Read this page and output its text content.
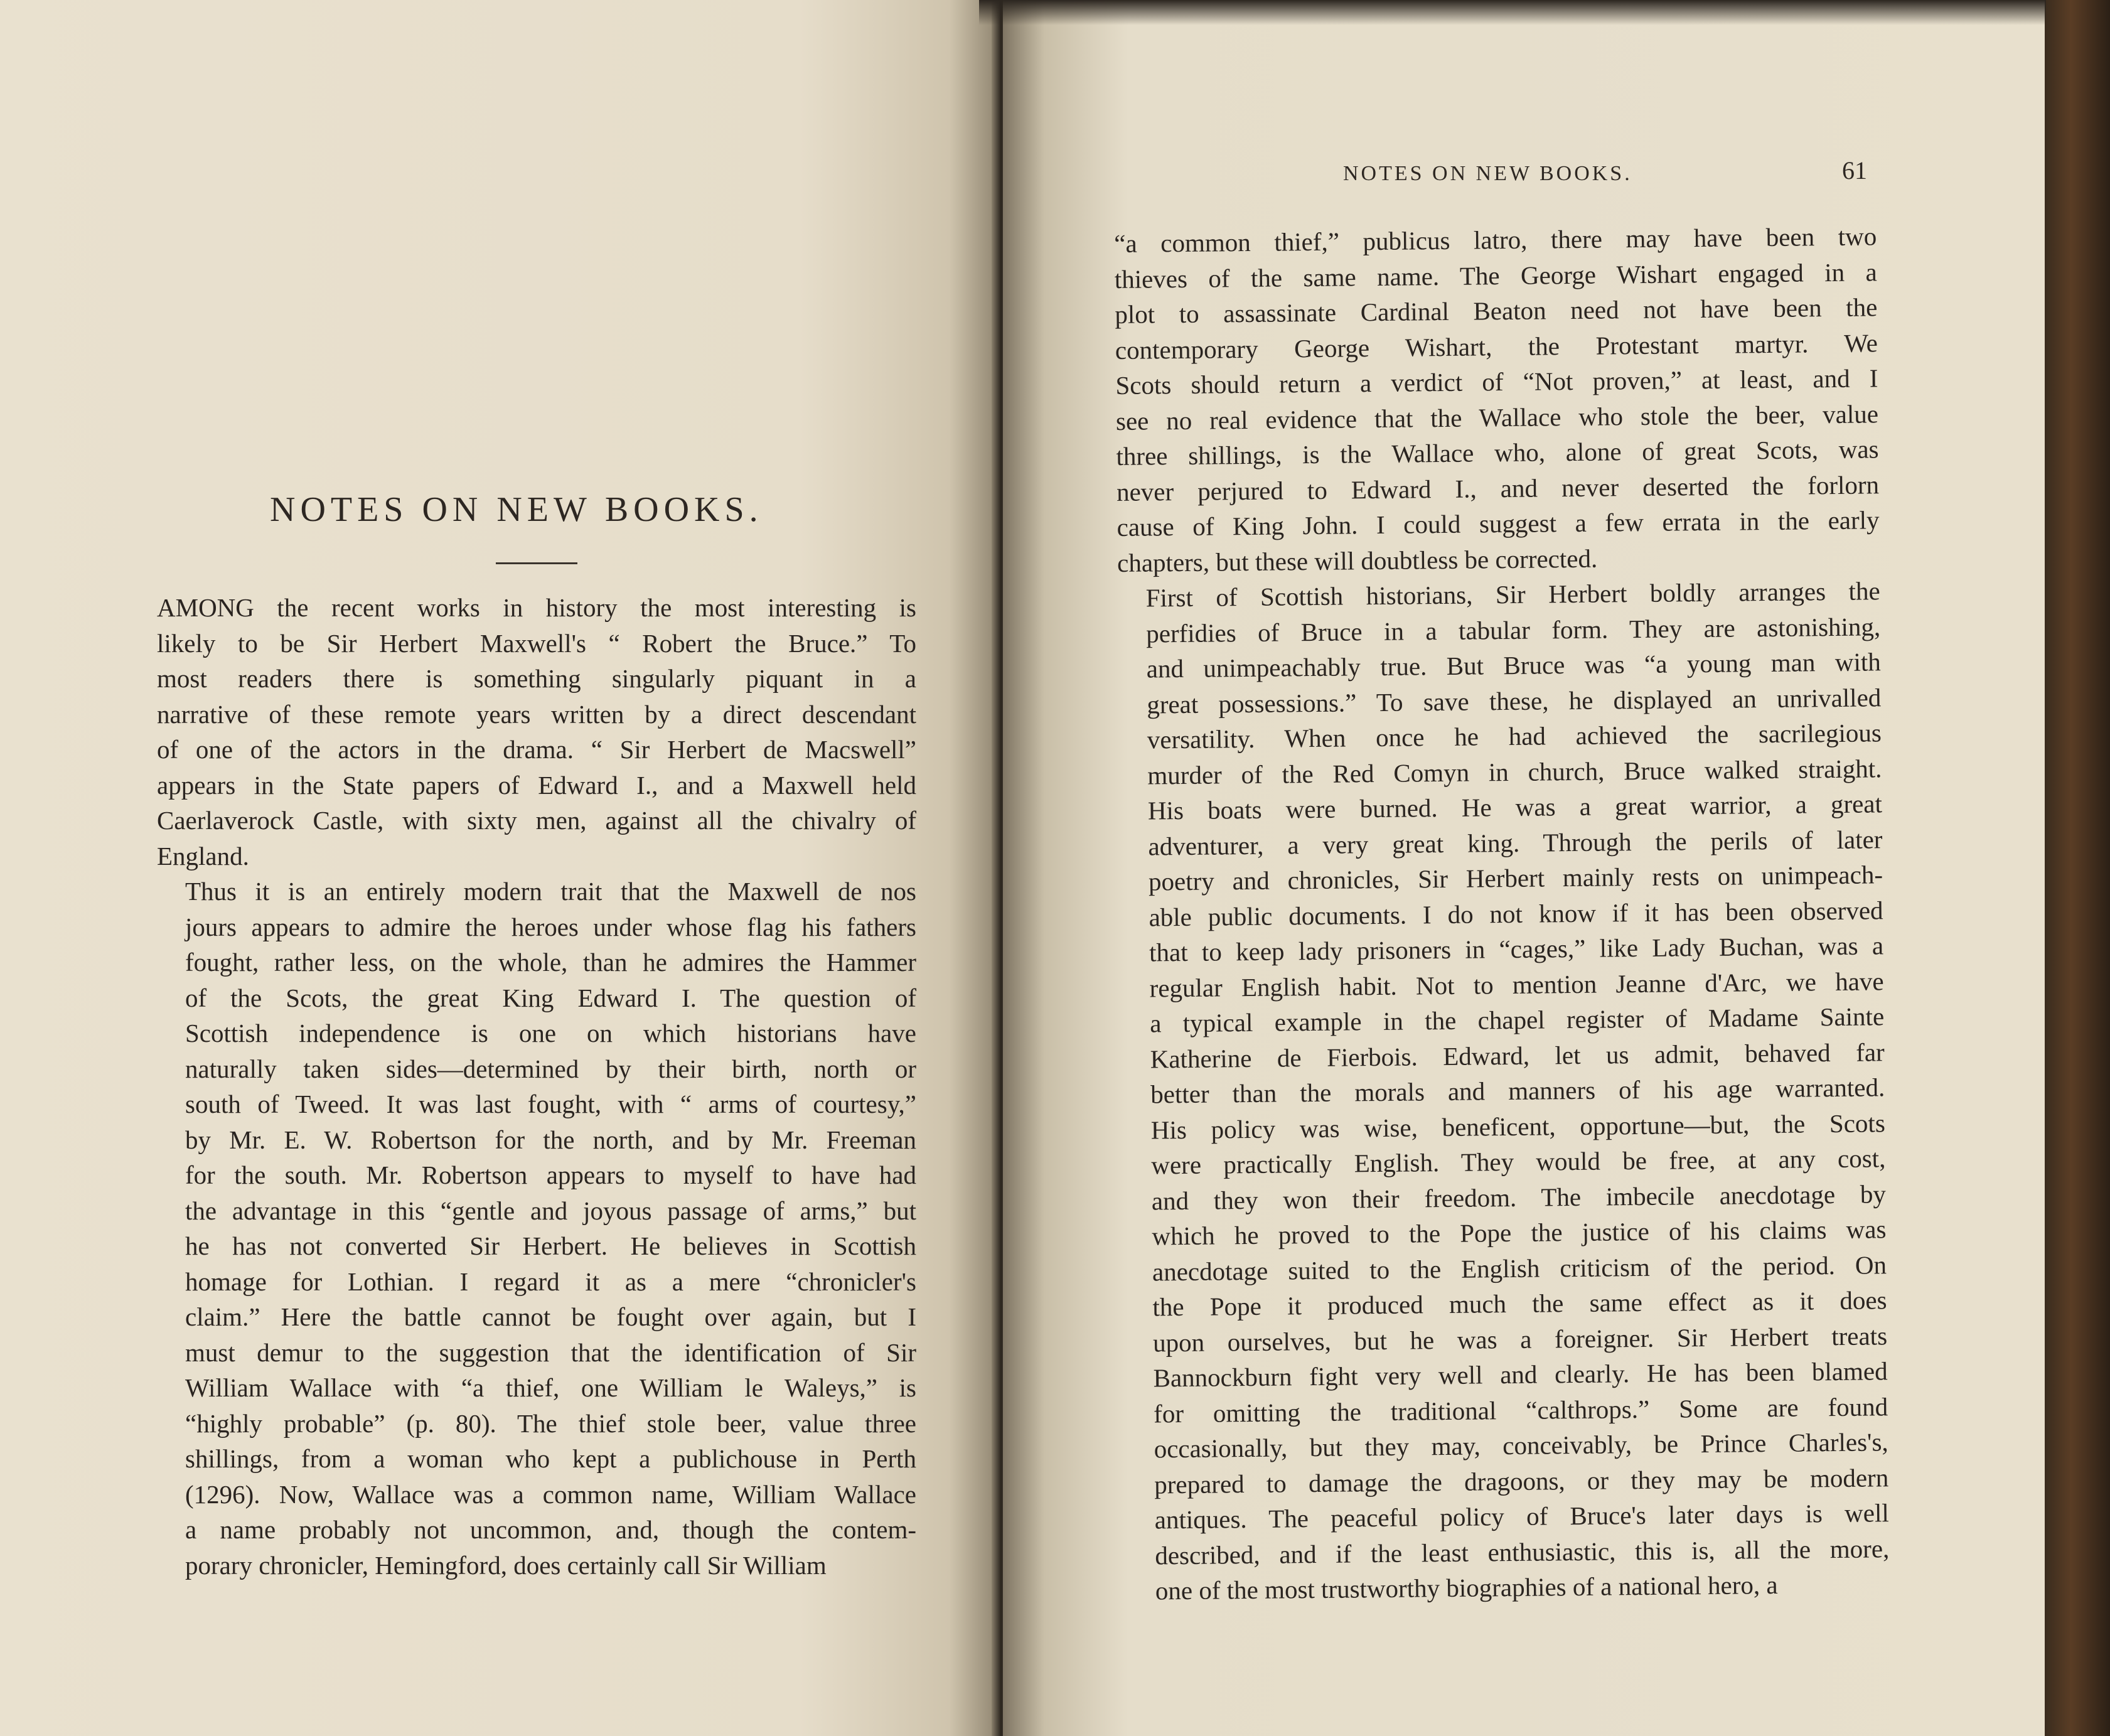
NOTES ON NEW BOOKS.

AMONG the recent works in history the most interesting is
likely to be Sir Herbert Maxwell's “ Robert the Bruce.” To
most readers there is something singularly piquant in a
narrative of these remote years written by a direct descendant
of one of the actors in the drama. “ Sir Herbert de Macswell”
appears in the State papers of Edward I., and a Maxwell held
Caerlaverock Castle, with sixty men, against all the chivalry of
England.

Thus it is an entirely modern trait that the Maxwell de nos
jours appears to admire the heroes under whose flag his fathers
fought, rather less, on the whole, than he admires the Hammer
of the Scots, the great King Edward I. The question of
Scottish independence is one on which historians have
naturally taken sides—determined by their birth, north or
south of Tweed. It was last fought, with “ arms of courtesy,”
by Mr. E. W. Robertson for the north, and by Mr. Freeman
for the south. Mr. Robertson appears to myself to have had
the advantage in this “gentle and joyous passage of arms,” but
he has not converted Sir Herbert. He believes in Scottish
homage for Lothian. I regard it as a mere “chronicler's
claim.” Here the battle cannot be fought over again, but I
must demur to the suggestion that the identification of Sir
William Wallace with “a thief, one William le Waleys,” is
“highly probable” (p. 80). The thief stole beer, value three
shillings, from a woman who kept a publichouse in Perth
(1296). Now, Wallace was a common name, William Wallace
a name probably not uncommon, and, though the contem-
porary chronicler, Hemingford, does certainly call Sir William

NOTES ON NEW BOOKS.	61

“a common thief,” publicus latro, there may have been two
thieves of the same name. The George Wishart engaged in a
plot to assassinate Cardinal Beaton need not have been the
contemporary George Wishart, the Protestant martyr. We
Scots should return a verdict of “Not proven,” at least, and I
see no real evidence that the Wallace who stole the beer, value
three shillings, is the Wallace who, alone of great Scots, was
never perjured to Edward I., and never deserted the forlorn
cause of King John. I could suggest a few errata in the early
chapters, but these will doubtless be corrected.

First of Scottish historians, Sir Herbert boldly arranges the
perfidies of Bruce in a tabular form. They are astonishing,
and unimpeachably true. But Bruce was “a young man with
great possessions.” To save these, he displayed an unrivalled
versatility. When once he had achieved the sacrilegious
murder of the Red Comyn in church, Bruce walked straight.
His boats were burned. He was a great warrior, a great
adventurer, a very great king. Through the perils of later
poetry and chronicles, Sir Herbert mainly rests on unimpeach-
able public documents. I do not know if it has been observed
that to keep lady prisoners in “cages,” like Lady Buchan, was a
regular English habit. Not to mention Jeanne d'Arc, we have
a typical example in the chapel register of Madame Sainte
Katherine de Fierbois. Edward, let us admit, behaved far
better than the morals and manners of his age warranted.
His policy was wise, beneficent, opportune—but, the Scots
were practically English. They would be free, at any cost,
and they won their freedom. The imbecile anecdotage by
which he proved to the Pope the justice of his claims was
anecdotage suited to the English criticism of the period. On
the Pope it produced much the same effect as it does
upon ourselves, but he was a foreigner. Sir Herbert treats
Bannockburn fight very well and clearly. He has been blamed
for omitting the traditional “calthrops.” Some are found
occasionally, but they may, conceivably, be Prince Charles's,
prepared to damage the dragoons, or they may be modern
antiques. The peaceful policy of Bruce's later days is well
described, and if the least enthusiastic, this is, all the more,
one of the most trustworthy biographies of a national hero, a
